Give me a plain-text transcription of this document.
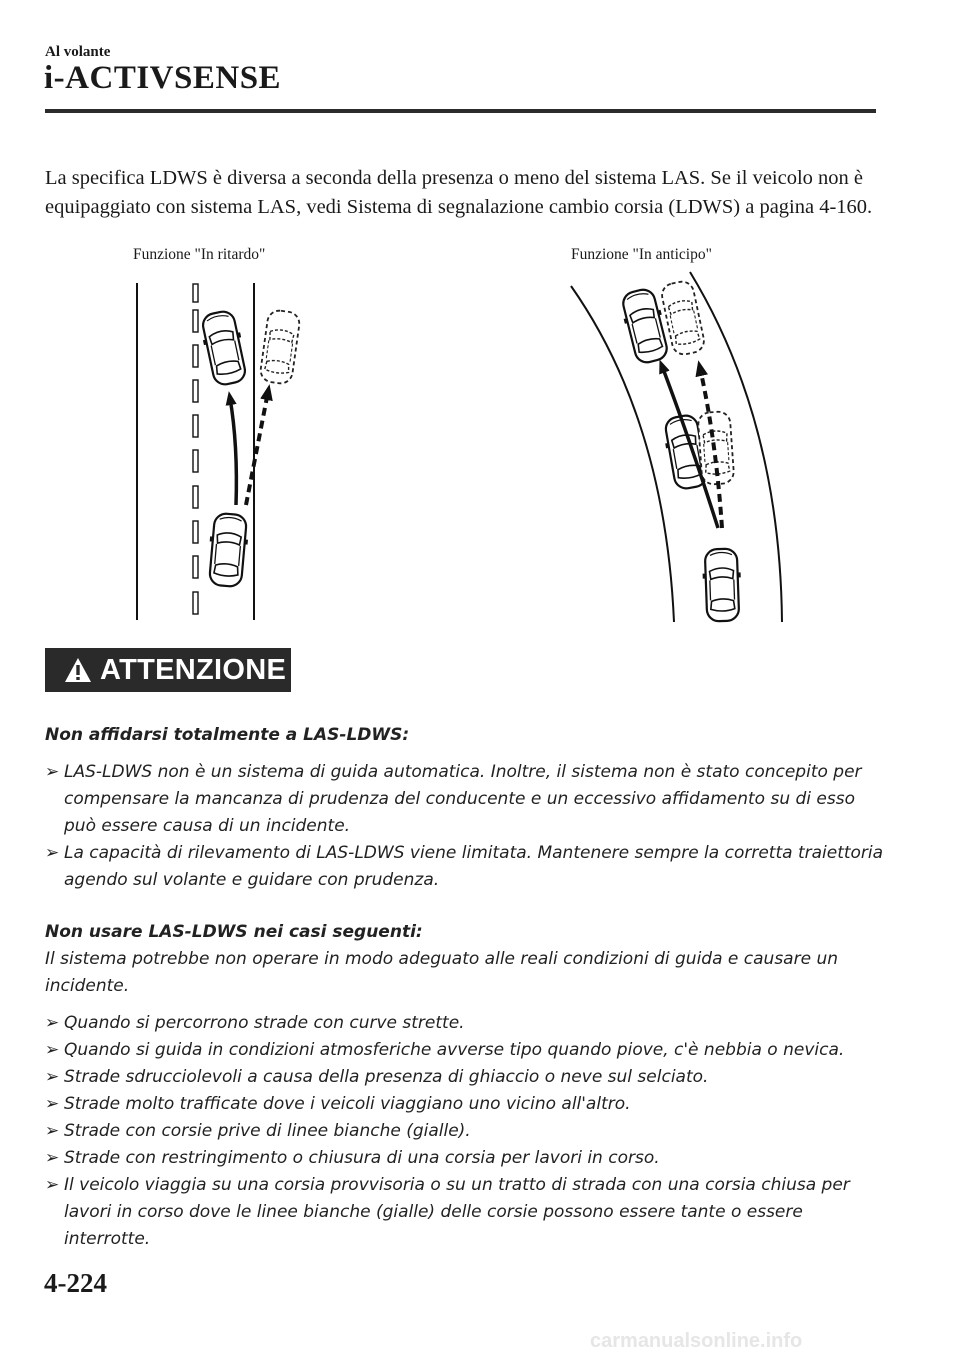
Al volante
i-ACTIVSENSE
La specifica LDWS è diversa a seconda della presenza o meno del sistema LAS. Se il veicolo non è equipaggiato con sistema LAS, vedi Sistema di segnalazione cambio corsia (LDWS) a pagina 4-160.
Funzione "In ritardo"	Funzione "In anticipo"
ATTENZIONE
Non affidarsi totalmente a LAS-LDWS:
➢ LAS-LDWS non è un sistema di guida automatica. Inoltre, il sistema non è stato concepito per compensare la mancanza di prudenza del conducente e un eccessivo affidamento su di esso può essere causa di un incidente.
➢ La capacità di rilevamento di LAS-LDWS viene limitata. Mantenere sempre la corretta traiettoria agendo sul volante e guidare con prudenza.
Non usare LAS-LDWS nei casi seguenti:
Il sistema potrebbe non operare in modo adeguato alle reali condizioni di guida e causare un incidente.
➢ Quando si percorrono strade con curve strette.
➢ Quando si guida in condizioni atmosferiche avverse tipo quando piove, c'è nebbia o nevica.
➢ Strade sdrucciolevoli a causa della presenza di ghiaccio o neve sul selciato.
➢ Strade molto trafficate dove i veicoli viaggiano uno vicino all'altro.
➢ Strade con corsie prive di linee bianche (gialle).
➢ Strade con restringimento o chiusura di una corsia per lavori in corso.
➢ Il veicolo viaggia su una corsia provvisoria o su un tratto di strada con una corsia chiusa per lavori in corso dove le linee bianche (gialle) delle corsie possono essere tante o essere interrotte.
4-224
carmanualsonline.info
